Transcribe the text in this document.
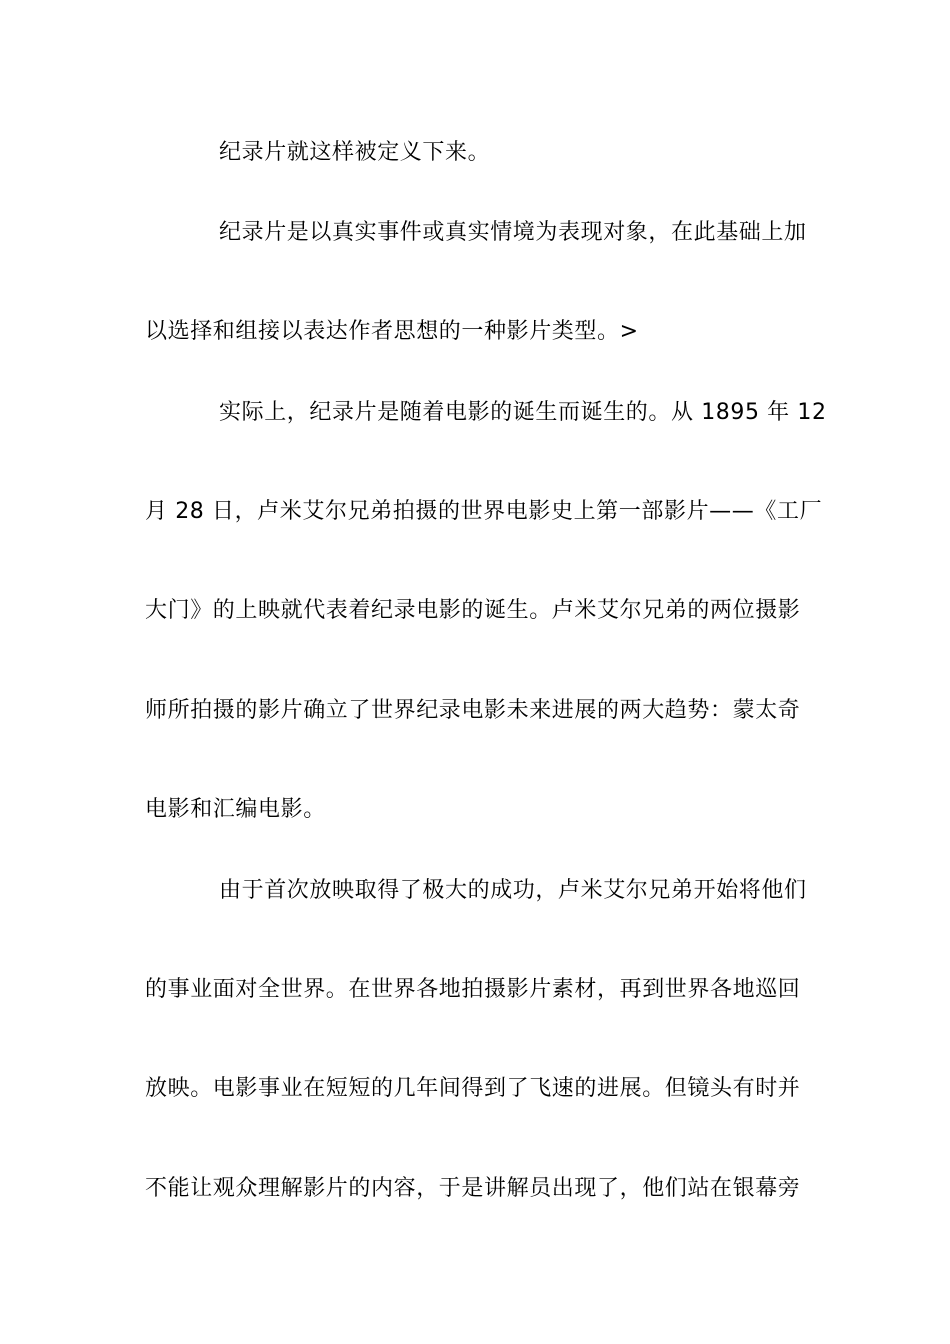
纪录片就这样被定义下来。
纪录片是以真实事件或真实情境为表现对象，在此基础上加
以选择和组接以表达作者思想的一种影片类型。>
实际上，纪录片是随着电影的诞生而诞生的。从 1895 年 12
月 28 日，卢米艾尔兄弟拍摄的世界电影史上第一部影片——《工厂
大门》的上映就代表着纪录电影的诞生。卢米艾尔兄弟的两位摄影
师所拍摄的影片确立了世界纪录电影未来进展的两大趋势：蒙太奇
电影和汇编电影。
由于首次放映取得了极大的成功，卢米艾尔兄弟开始将他们
的事业面对全世界。在世界各地拍摄影片素材，再到世界各地巡回
放映。电影事业在短短的几年间得到了飞速的进展。但镜头有时并
不能让观众理解影片的内容，于是讲解员出现了，他们站在银幕旁
